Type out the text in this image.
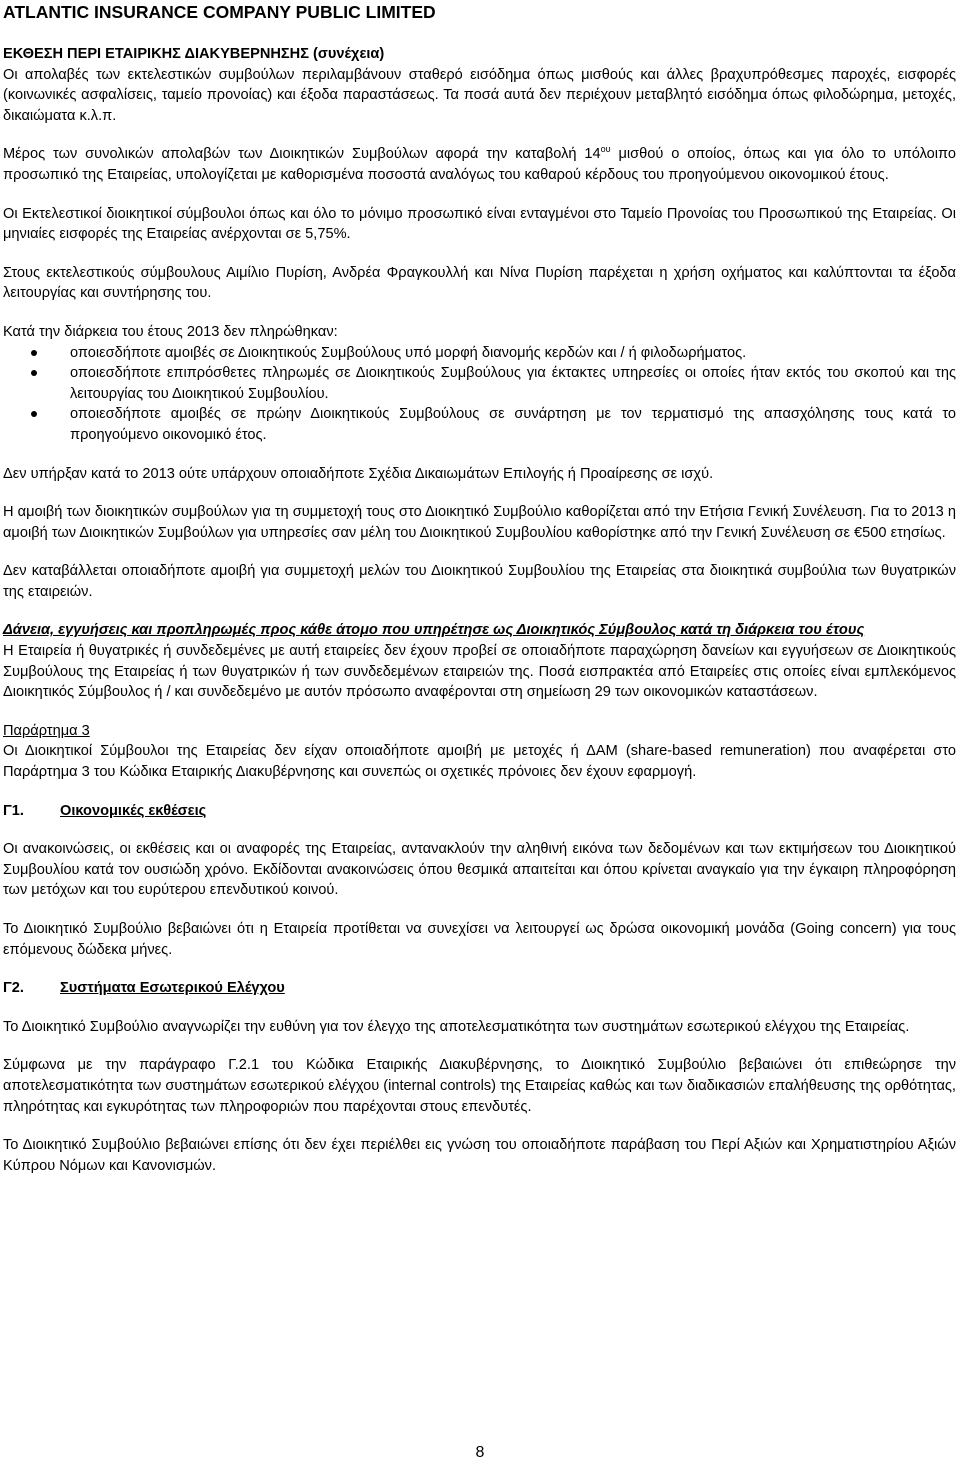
ATLANTIC INSURANCE COMPANY PUBLIC LIMITED

ΕΚΘΕΣΗ ΠΕΡΙ ΕΤΑΙΡΙΚΗΣ ΔΙΑΚΥΒΕΡΝΗΣΗΣ (συνέχεια)

Οι απολαβές των εκτελεστικών συμβούλων περιλαμβάνουν σταθερό εισόδημα όπως μισθούς και άλλες βραχυπρόθεσμες παροχές, εισφορές (κοινωνικές ασφαλίσεις, ταμείο προνοίας) και έξοδα παραστάσεως. Τα ποσά αυτά δεν περιέχουν μεταβλητό εισόδημα όπως φιλοδώρημα, μετοχές, δικαιώματα κ.λ.π.

Μέρος των συνολικών απολαβών των Διοικητικών Συμβούλων αφορά την καταβολή $14^{o\upsilon}$ μισθού ο οποίος, όπως και για όλο το υπόλοιπο προσωπικό της Εταιρείας, υπολογίζεται με καθορισμένα ποσοστά αναλόγως του καθαρού κέρδους του προηγούμενου οικονομικού έτους.

Οι Εκτελεστικοί διοικητικοί σύμβουλοι όπως και όλο το μόνιμο προσωπικό είναι ενταγμένοι στο Ταμείο Προνοίας του Προσωπικού της Εταιρείας. Οι μηνιαίες εισφορές της Εταιρείας ανέρχονται σε 5,75%.

Στους εκτελεστικούς σύμβουλους Αιμίλιο Πυρίση, Ανδρέα Φραγκουλλή και Νίνα Πυρίση παρέχεται η χρήση οχήματος και καλύπτονται τα έξοδα λειτουργίας και συντήρησης του.

Κατά την διάρκεια του έτους 2013 δεν πληρώθηκαν:

οποιεσδήποτε αμοιβές σε Διοικητικούς Συμβούλους υπό μορφή διανομής κερδών και / ή φιλοδωρήματος.
οποιεσδήποτε επιπρόσθετες πληρωμές σε Διοικητικούς Συμβούλους για έκτακτες υπηρεσίες οι οποίες ήταν εκτός του σκοπού και της λειτουργίας του Διοικητικού Συμβουλίου.
οποιεσδήποτε αμοιβές σε πρώην Διοικητικούς Συμβούλους σε συνάρτηση με τον τερματισμό της απασχόλησης τους κατά το προηγούμενο οικονομικό έτος.

Δεν υπήρξαν κατά το 2013 ούτε υπάρχουν οποιαδήποτε Σχέδια Δικαιωμάτων Επιλογής ή Προαίρεσης σε ισχύ.

Η αμοιβή των διοικητικών συμβούλων για τη συμμετοχή τους στο Διοικητικό Συμβούλιο καθορίζεται από την Ετήσια Γενική Συνέλευση. Για το 2013 η αμοιβή των Διοικητικών Συμβούλων για υπηρεσίες σαν μέλη του Διοικητικού Συμβουλίου καθορίστηκε από την Γενική Συνέλευση σε €500 ετησίως.

Δεν καταβάλλεται οποιαδήποτε αμοιβή για συμμετοχή μελών του Διοικητικού Συμβουλίου της Εταιρείας στα διοικητικά συμβούλια των θυγατρικών της εταιρειών.

Δάνεια, εγγυήσεις και προπληρωμές προς κάθε άτομο που υπηρέτησε ως Διοικητικός Σύμβουλος κατά τη διάρκεια του έτους

Η Εταιρεία ή θυγατρικές ή συνδεδεμένες με αυτή εταιρείες δεν έχουν προβεί σε οποιαδήποτε παραχώρηση δανείων και εγγυήσεων σε Διοικητικούς Συμβούλους της Εταιρείας ή των θυγατρικών ή των συνδεδεμένων εταιρειών της. Ποσά εισπρακτέα από Εταιρείες στις οποίες είναι εμπλεκόμενος Διοικητικός Σύμβουλος ή / και συνδεδεμένο με αυτόν πρόσωπο αναφέρονται στη σημείωση 29 των οικονομικών καταστάσεων.

Παράρτημα 3

Οι Διοικητικοί Σύμβουλοι της Εταιρείας δεν είχαν οποιαδήποτε αμοιβή με μετοχές ή ΔΑΜ (share-based remuneration) που αναφέρεται στο Παράρτημα 3 του Κώδικα Εταιρικής Διακυβέρνησης και συνεπώς οι σχετικές πρόνοιες δεν έχουν εφαρμογή.

Γ1.	Οικονομικές εκθέσεις

Οι ανακοινώσεις, οι εκθέσεις και οι αναφορές της Εταιρείας, αντανακλούν την αληθινή εικόνα των δεδομένων και των εκτιμήσεων του Διοικητικού Συμβουλίου κατά τον ουσιώδη χρόνο. Εκδίδονται ανακοινώσεις όπου θεσμικά απαιτείται και όπου κρίνεται αναγκαίο για την έγκαιρη πληροφόρηση των μετόχων και του ευρύτερου επενδυτικού κοινού.

Το Διοικητικό Συμβούλιο βεβαιώνει ότι η Εταιρεία προτίθεται να συνεχίσει να λειτουργεί ως δρώσα οικονομική μονάδα (Going concern) για τους επόμενους δώδεκα μήνες.

Γ2.	Συστήματα Εσωτερικού Ελέγχου

Το Διοικητικό Συμβούλιο αναγνωρίζει την ευθύνη για τον έλεγχο της αποτελεσματικότητα των συστημάτων εσωτερικού ελέγχου της Εταιρείας.

Σύμφωνα με την παράγραφο Γ.2.1 του Κώδικα Εταιρικής Διακυβέρνησης, το Διοικητικό Συμβούλιο βεβαιώνει ότι επιθεώρησε την αποτελεσματικότητα των συστημάτων εσωτερικού ελέγχου (internal controls) της Εταιρείας καθώς και των διαδικασιών επαλήθευσης της ορθότητας, πληρότητας και εγκυρότητας των πληροφοριών που παρέχονται στους επενδυτές.

Το Διοικητικό Συμβούλιο βεβαιώνει επίσης ότι δεν έχει περιέλθει εις γνώση του οποιαδήποτε παράβαση του Περί Αξιών και Χρηματιστηρίου Αξιών Κύπρου Νόμων και Κανονισμών.

8
